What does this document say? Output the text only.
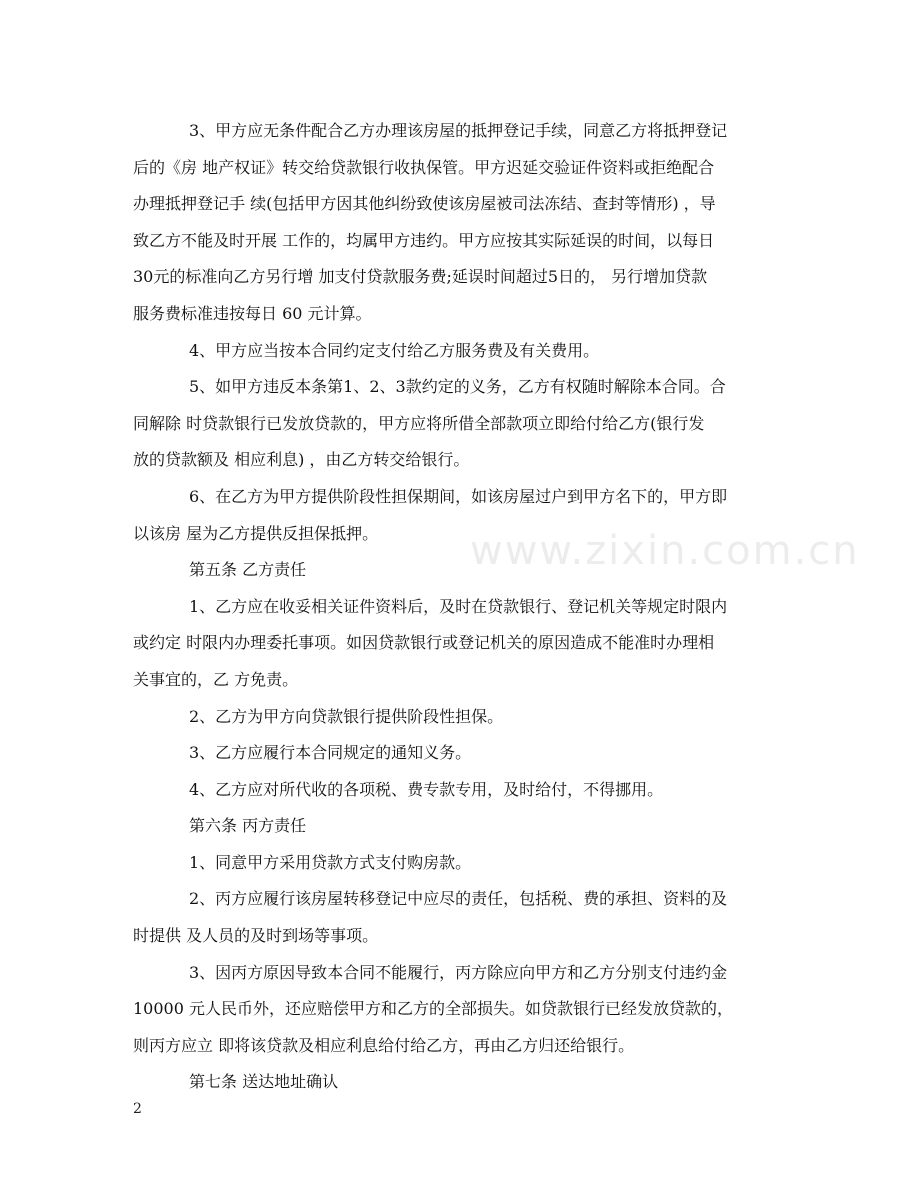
3、甲方应无条件配合乙方办理该房屋的抵押登记手续，同意乙方将抵押登记
后的《房 地产权证》转交给贷款银行收执保管。甲方迟延交验证件资料或拒绝配合
办理抵押登记手 续(包括甲方因其他纠纷致使该房屋被司法冻结、查封等情形) ，导
致乙方不能及时开展 工作的，均属甲方违约。甲方应按其实际延误的时间，以每日
30元的标准向乙方另行增 加支付贷款服务费;延误时间超过5日的， 另行增加贷款
服务费标准违按每日 60 元计算。
4、甲方应当按本合同约定支付给乙方服务费及有关费用。
5、如甲方违反本条第1、2、3款约定的义务，乙方有权随时解除本合同。合
同解除 时贷款银行已发放贷款的，甲方应将所借全部款项立即给付给乙方(银行发
放的贷款额及 相应利息) ，由乙方转交给银行。
6、在乙方为甲方提供阶段性担保期间，如该房屋过户到甲方名下的，甲方即
以该房 屋为乙方提供反担保抵押。
第五条 乙方责任
1、乙方应在收妥相关证件资料后，及时在贷款银行、登记机关等规定时限内
或约定 时限内办理委托事项。如因贷款银行或登记机关的原因造成不能准时办理相
关事宜的，乙 方免责。
2、乙方为甲方向贷款银行提供阶段性担保。
3、乙方应履行本合同规定的通知义务。
4、乙方应对所代收的各项税、费专款专用，及时给付，不得挪用。
第六条 丙方责任
1、同意甲方采用贷款方式支付购房款。
2、丙方应履行该房屋转移登记中应尽的责任，包括税、费的承担、资料的及
时提供 及人员的及时到场等事项。
3、因丙方原因导致本合同不能履行，丙方除应向甲方和乙方分别支付违约金
10000 元人民币外，还应赔偿甲方和乙方的全部损失。如贷款银行已经发放贷款的，
则丙方应立 即将该贷款及相应利息给付给乙方，再由乙方归还给银行。
第七条 送达地址确认
www.zixin.com.cn
2
